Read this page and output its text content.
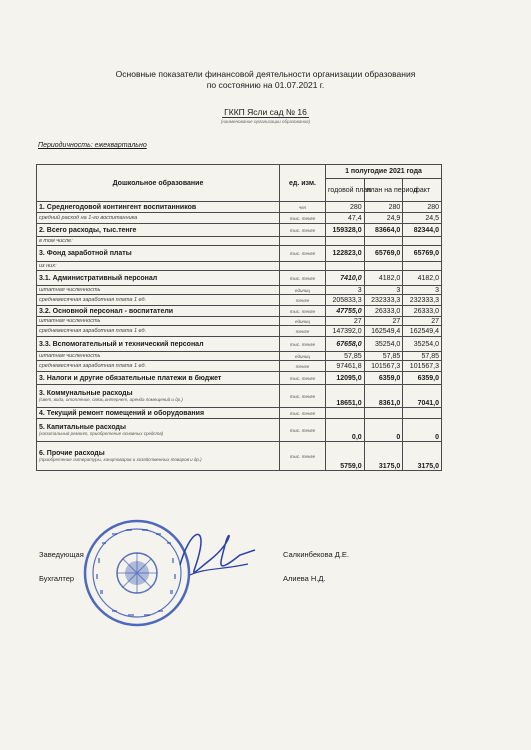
Основные показатели финансовой деятельности организации образования
по состоянию на 01.07.2021 г.
ГККП Ясли сад № 16
(наименование организации образования)
Периодичность: ежеквартально
Дошкольное образование	ед. изм.	1 полугодие 2021 года		
		годовой план	план на период	факт
1. Среднегодовой контингент воспитанников	чел	280	280	280
средний расход на 1-го воспитанника	тыс. тенге	47,4	24,9	24,5
2. Всего расходы, тыс.тенге	тыс. тенге	159328,0	83664,0	82344,0
в том числе:				
3. Фонд заработной платы	тыс. тенге	122823,0	65769,0	65769,0
из них:				
3.1. Административный персонал	тыс. тенге	7410,0	4182,0	4182,0
штатная численность	единиц	3	3	3
среднемесячная заработная плата 1 ед.	тенге	205833,3	232333,3	232333,3
3.2. Основной персонал - воспитатели	тыс. тенге	47755,0	26333,0	26333,0
штатная численность	единиц	27	27	27
среднемесячная заработная плата 1 ед.	тенге	147392,0	162549,4	162549,4
3.3. Вспомогательный и технический персонал	тыс. тенге	67658,0	35254,0	35254,0
штатная численность	единиц	57,85	57,85	57,85
среднемесячная заработная плата 1 ед.	тенге	97461,8	101567,3	101567,3
3. Налоги и другие обязательные платежи в бюджет	тыс. тенге	12095,0	6359,0	6359,0
3. Коммунальные расходы
(свет, вода, отопление, связь,интернет, арендa помещений и др.)	тыс. тенге	18651,0	8361,0	7041,0
4. Текущий ремонт помещений и оборудования	тыс. тенге			
5. Капитальные расходы
(капитальный ремонт, приобретение основных средств)	тыс. тенге	0,0	0	0
6. Прочие расходы
(приобретение литературы, канцтоваров и хозяйственных товаров и др.)	тыс. тенге	5759,0	3175,0	3175,0
Заведующая	Салкинбекова Д.Е.
Бухгалтер	Алиева Н.Д.
